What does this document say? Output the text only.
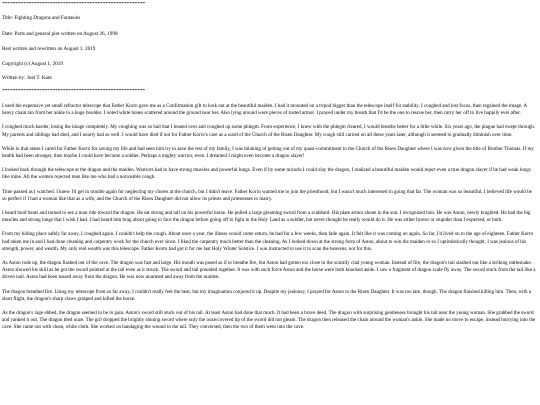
******************************************************
Title: Fighting Dragons and Fantasies
Date: Parts and general plot written on August 26, 1998
Rest written and rewritten on August 1, 2019
Copyright (c) August 1, 2019
Written by: Joel T. Kant
******************************************************

I used the expensive yet small refractor telescope that Father Korro gave me as a Confirmation gift to look out at the beautiful maiden. I had it mounted on a tripod bigger than the telescope itself for stability. I coughed and lost focus, then regained the image. A heavy chain ran from her ankle to a huge boulder. I noted white bones scattered around the ground near her. Also lying around were pieces of rusted armor. I prayed under my breath that I'd be the one to rescue her, then carry her off to live happily ever after.

I coughed much harder, losing the image completely. My coughing was so bad that I leaned over and coughed up some phlegm. From experience, I knew with the phlegm cleared, I would breathe better for a little while. Six years ago, the plague had swept through. My parents and siblings had died, and I nearly had as well. I would have died if not for Father Korro's care as a ward of the Church of the Risen Daughter. My cough still carried on all these years later, although it seemed to gradually diminish over time.

While in that sense I cared for Father Korro for saving my life and had seen him try to save the rest of my family, I was thinking of getting out of my quasi-commitment to the Church of the Risen Daughter where I was now given the title of Brother Thomas. If my health had been stronger, then maybe I could have become a soldier. Perhaps a mighty warrior, even. I dreamed I might even become a dragon slayer!

I looked back through the telescope at the dragon and the maiden. Warriors had to have strong muscles and powerful lungs. Even if by some miracle I could slay the dragon, I realized a beautiful maiden would reject even a true dragon slayer if he had weak lungs like mine. All the women rejected men like me who had a noticeable cough.

Time passed as I watched. I knew I'd get in trouble again for neglecting my chores at the church, but I didn't leave. Father Korro wanted me to join the priesthood, but I wasn't much interested in going that far. The woman was so beautiful. I believed life would be so perfect if I had a woman like that as a wife, and the Church of the Risen Daughter did not allow its priests and priestesses to marry.

I heard hoof beats and turned to see a man ride toward the dragon. He sat strong and tall on his powerful horse. He pulled a large gleaming sword from a scabbard. His plate armor shone in the sun. I recognized him. He was Aston, newly knighted. He had the big muscles and strong lungs that I wish I had. I had heard him brag about going to face the dragon before going off to fight in the Holy Land as a soldier, but never thought he really would do it. He was either braver or stupider than I expected, or both.

From my hiding place safely far away, I coughed again. I couldn't help the cough. About once a year, the illness would come return, be bad for a few weeks, then fade again. It felt like it was coming on again. So far, I'd lived on to the age of eighteen. Father Korro had taken me in and I had done cleaning and carpentry work for the church ever since. I liked the carpentry much better than the cleaning. As I looked down at the strong form of Aston, about to win the maiden or so I optimistically thought, I was jealous of his strength, power, and wealth. My only real wealth was this telescope. Father Korro had got it for me last Holy Winter Solstice. I was instructed to use it to scan the heavens, not for this.

As Aston rode up, the dragon flashed out of the cave. The dragon was fast and large. His mouth was posed as if to breathe fire, but Aston had gotten too close to the scantily clad young woman. Instead of fire, the dragon's tail slashed out like a striking rattlesnake. Aston showed his skill as he got the sword pointed at the tail even as it struck. The sword and tail pounded together. It was with such force Aston and the horse were both knocked aside. I saw a fragment of dragon scale fly away. The sword stuck from the tail like a driven nail. Aston had been tossed away from the dragon. He was now unarmed and away from the maiden.

The dragon breathed fire. Using my telescope from so far away, I couldn't really feel the heat, but my imagination conjured it up. Despite my jealousy, I prayed for Aston to the Risen Daughter. It was too late, though. The dragon finished killing him. Then, with a short flight, the dragon's sharp claws grasped and killed the horse.

As the dragon's rage ebbed, the dragon seemed to be in pain. Aston's sword still stuck out of his tail. At least Aston had done that much. It had been a brave deed. The dragon with surprising gentleness brought his tail near the young woman. She grabbed the sword and yanked it out. The dragon bled ooze. The girl dropped the brightly shining sword where only the ooze/covered tip of the sword did not gleam. The dragon then released the chain around the woman's ankle. She made no move to escape, instead hurrying into the cave. She came out with clean, white cloth. She worked on bandaging the wound in the tail. They conversed, then the two of them went into the cave.
